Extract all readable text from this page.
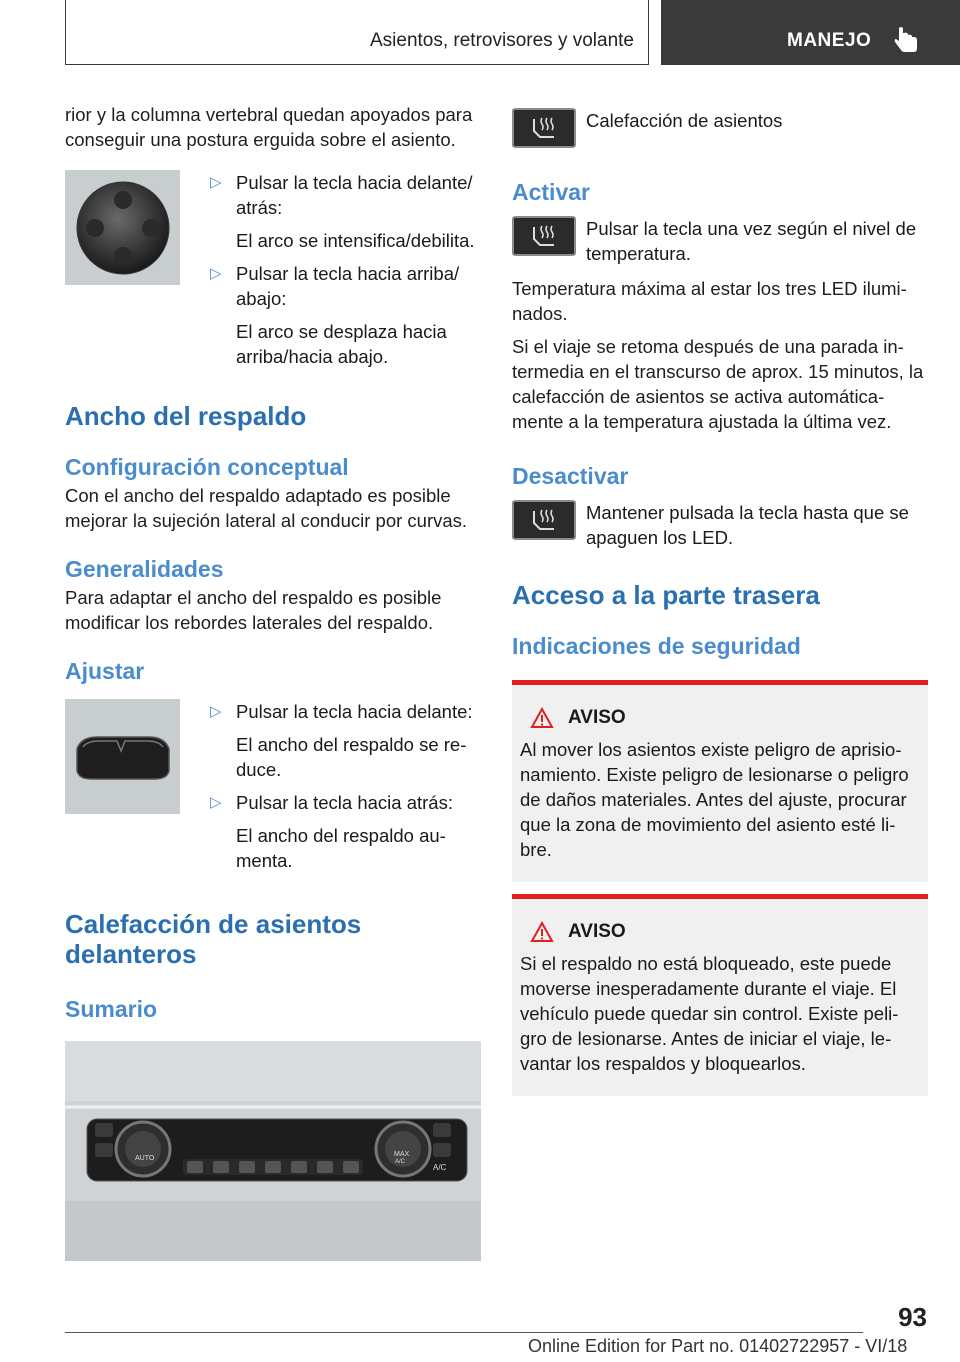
Asientos, retrovisores y volante	MANEJO

rior y la columna vertebral quedan apoyados para conseguir una postura erguida sobre el asiento.

▷ Pulsar la tecla hacia delante/ atrás:
El arco se intensifica/debilita.
▷ Pulsar la tecla hacia arriba/ abajo:
El arco se desplaza hacia arriba/hacia abajo.
Ancho del respaldo
Configuración conceptual

Con el ancho del respaldo adaptado es posible mejorar la sujeción lateral al conducir por curvas.

Generalidades

Para adaptar el ancho del respaldo es posible modificar los rebordes laterales del respaldo.

Ajustar
▷ Pulsar la tecla hacia delante:
El ancho del respaldo se re- duce.
▷ Pulsar la tecla hacia atrás:
El ancho del respaldo au- menta.
Calefacción de asientos delanteros
Sumario
AUTO
MAX
A/C
A/C
Calefacción de asientos
Activar
Pulsar la tecla una vez según el nivel de temperatura.

Temperatura máxima al estar los tres LED ilumi- nados.

Si el viaje se retoma después de una parada in- termedia en el transcurso de aprox. 15 minutos, la calefacción de asientos se activa automática- mente a la temperatura ajustada la última vez.

Desactivar
Mantener pulsada la tecla hasta que se apaguen los LED.
Acceso a la parte trasera
Indicaciones de seguridad
AVISO

Al mover los asientos existe peligro de aprisio- namiento. Existe peligro de lesionarse o peligro de daños materiales. Antes del ajuste, procurar que la zona de movimiento del asiento esté li- bre.

AVISO

Si el respaldo no está bloqueado, este puede moverse inesperadamente durante el viaje. El vehículo puede quedar sin control. Existe peli- gro de lesionarse. Antes de iniciar el viaje, le- vantar los respaldos y bloquearlos.

93
Online Edition for Part no. 01402722957 - VI/18
